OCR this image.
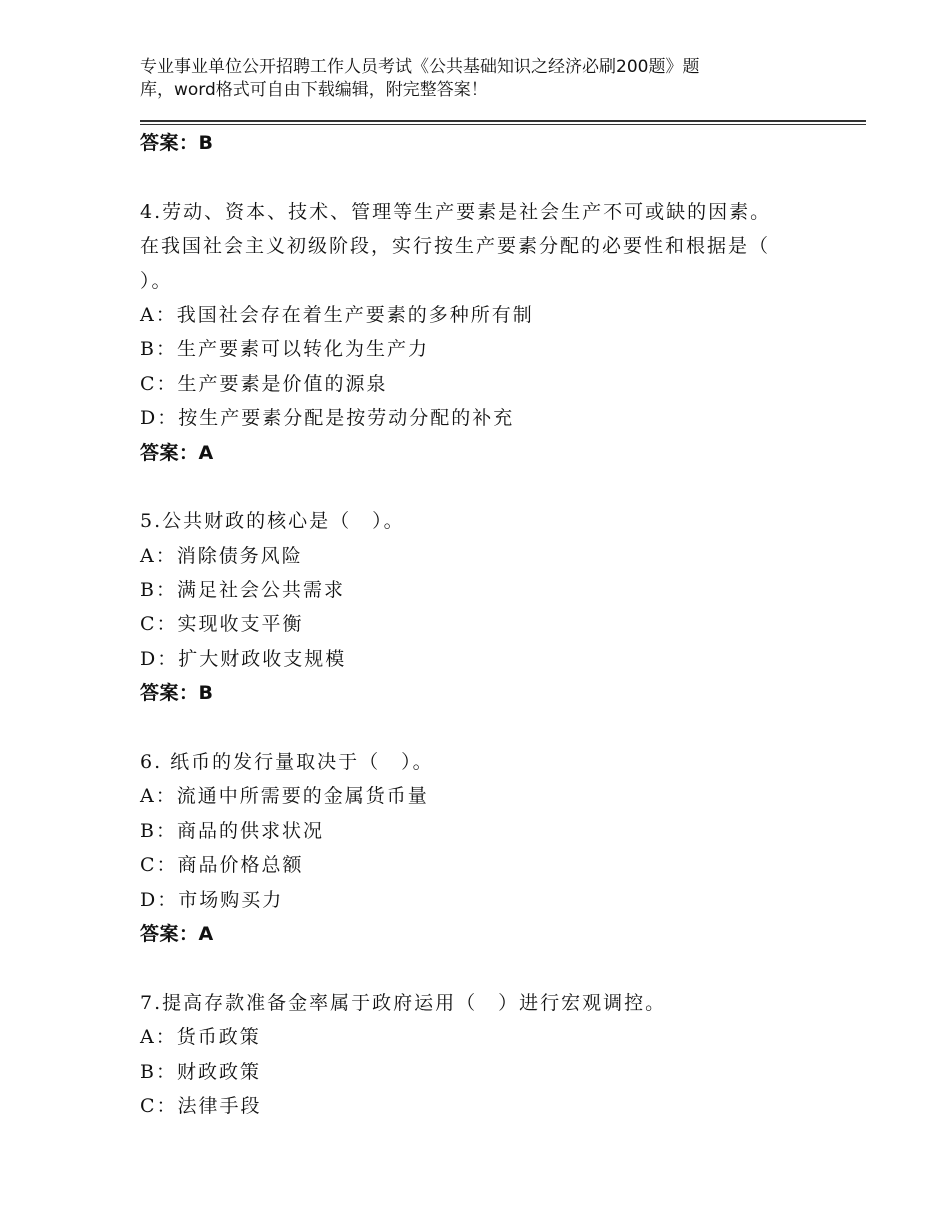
专业事业单位公开招聘工作人员考试《公共基础知识之经济必刷200题》题
库，word格式可自由下载编辑，附完整答案！
答案：B
4.劳动、资本、技术、管理等生产要素是社会生产不可或缺的因素。
在我国社会主义初级阶段，实行按生产要素分配的必要性和根据是（
）。
A：我国社会存在着生产要素的多种所有制
B：生产要素可以转化为生产力
C：生产要素是价值的源泉
D：按生产要素分配是按劳动分配的补充
答案：A
5.公共财政的核心是（　）。
A：消除债务风险
B：满足社会公共需求
C：实现收支平衡
D：扩大财政收支规模
答案：B
6. 纸币的发行量取决于（　）。
A：流通中所需要的金属货币量
B：商品的供求状况
C：商品价格总额
D：市场购买力
答案：A
7.提高存款准备金率属于政府运用（　）进行宏观调控。
A：货币政策
B：财政政策
C：法律手段
